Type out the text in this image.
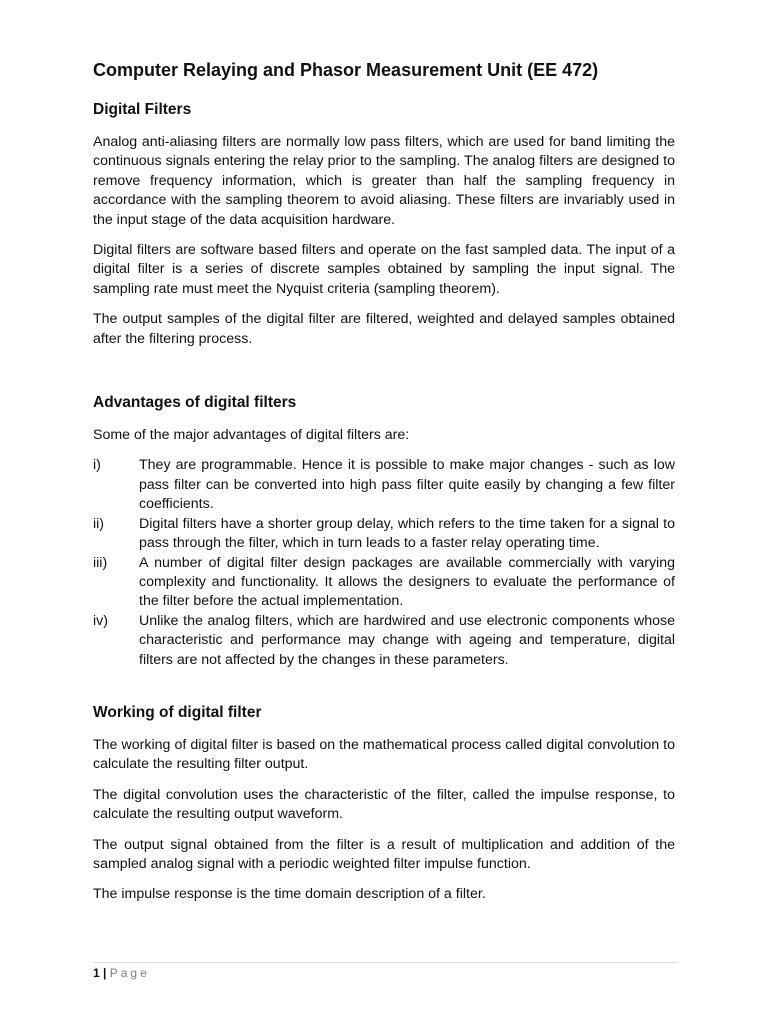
Computer Relaying and Phasor Measurement Unit (EE 472)
Digital Filters

Analog anti-aliasing filters are normally low pass filters, which are used for band limiting the continuous signals entering the relay prior to the sampling. The analog filters are designed to remove frequency information, which is greater than half the sampling frequency in accordance with the sampling theorem to avoid aliasing. These filters are invariably used in the input stage of the data acquisition hardware.

Digital filters are software based filters and operate on the fast sampled data. The input of a digital filter is a series of discrete samples obtained by sampling the input signal. The sampling rate must meet the Nyquist criteria (sampling theorem).

The output samples of the digital filter are filtered, weighted and delayed samples obtained after the filtering process.

Advantages of digital filters

Some of the major advantages of digital filters are:

i)	They are programmable. Hence it is possible to make major changes - such as low pass filter can be converted into high pass filter quite easily by changing a few filter coefficients.
ii)	Digital filters have a shorter group delay, which refers to the time taken for a signal to pass through the filter, which in turn leads to a faster relay operating time.
iii)	A number of digital filter design packages are available commercially with varying complexity and functionality. It allows the designers to evaluate the performance of the filter before the actual implementation.
iv)	Unlike the analog filters, which are hardwired and use electronic components whose characteristic and performance may change with ageing and temperature, digital filters are not affected by the changes in these parameters.
Working of digital filter

The working of digital filter is based on the mathematical process called digital convolution to calculate the resulting filter output.

The digital convolution uses the characteristic of the filter, called the impulse response, to calculate the resulting output waveform.

The output signal obtained from the filter is a result of multiplication and addition of the sampled analog signal with a periodic weighted filter impulse function.

The impulse response is the time domain description of a filter.

1 | Page
